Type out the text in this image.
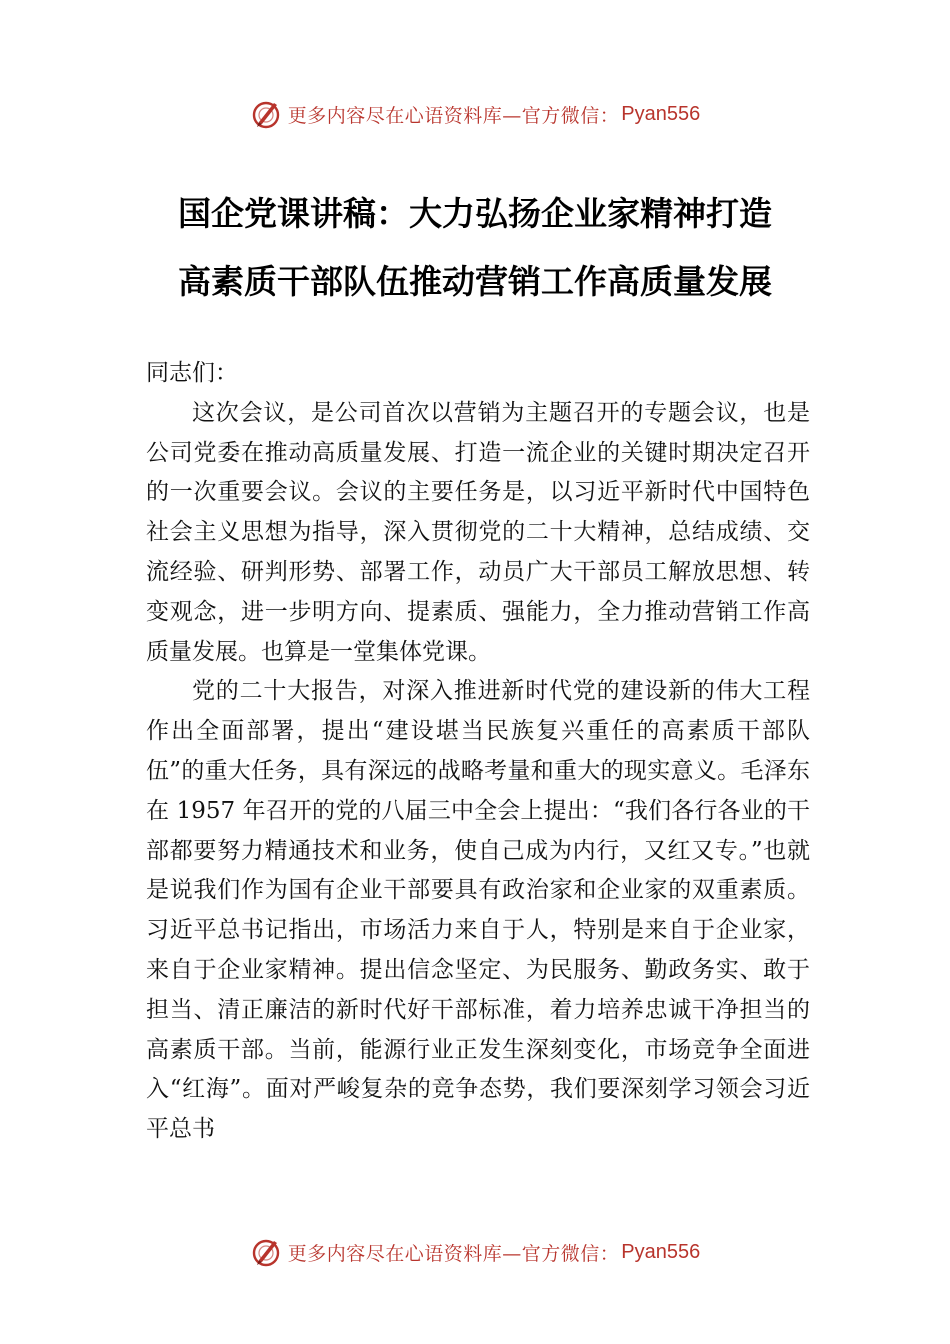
更多内容尽在心语资料库—官方微信： Pyan556
国企党课讲稿：大力弘扬企业家精神打造
高素质干部队伍推动营销工作高质量发展

同志们：

这次会议，是公司首次以营销为主题召开的专题会议，也是公司党委在推动高质量发展、打造一流企业的关键时期决定召开的一次重要会议。会议的主要任务是，以习近平新时代中国特色社会主义思想为指导，深入贯彻党的二十大精神，总结成绩、交流经验、研判形势、部署工作，动员广大干部员工解放思想、转变观念，进一步明方向、提素质、强能力，全力推动营销工作高质量发展。也算是一堂集体党课。

党的二十大报告，对深入推进新时代党的建设新的伟大工程作出全面部署，提出“建设堪当民族复兴重任的高素质干部队伍”的重大任务，具有深远的战略考量和重大的现实意义。毛泽东在 1957 年召开的党的八届三中全会上提出：“我们各行各业的干部都要努力精通技术和业务，使自己成为内行，又红又专。”也就是说我们作为国有企业干部要具有政治家和企业家的双重素质。习近平总书记指出，市场活力来自于人，特别是来自于企业家，来自于企业家精神。提出信念坚定、为民服务、勤政务实、敢于担当、清正廉洁的新时代好干部标准，着力培养忠诚干净担当的高素质干部。当前，能源行业正发生深刻变化，市场竞争全面进入“红海”。面对严峻复杂的竞争态势，我们要深刻学习领会习近平总书

更多内容尽在心语资料库—官方微信： Pyan556
